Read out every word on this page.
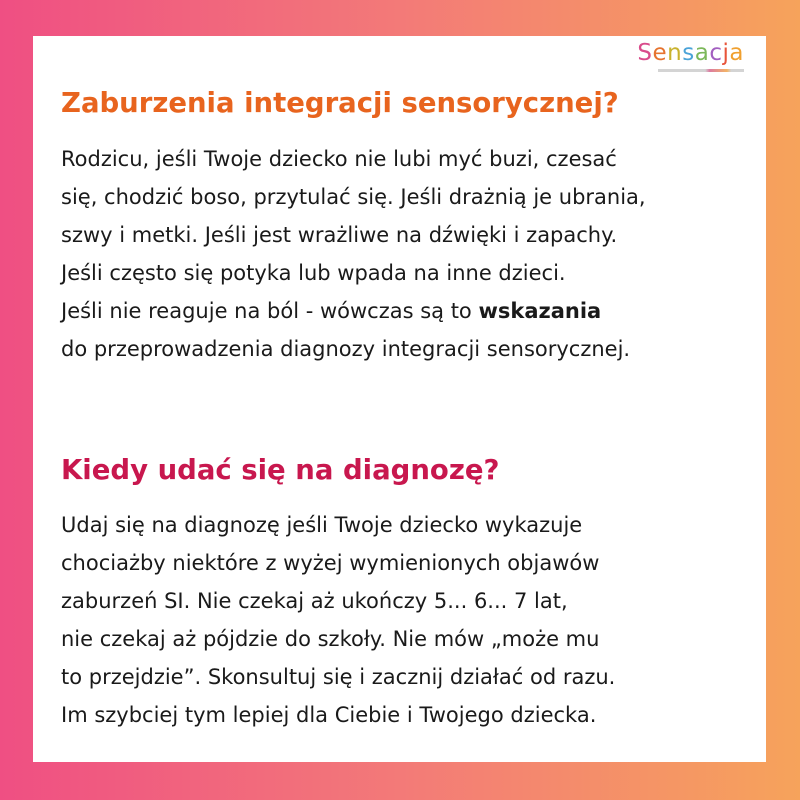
Sensacja
Zaburzenia integracji sensorycznej?

Rodzicu, jeśli Twoje dziecko nie lubi myć buzi, czesać
się, chodzić boso, przytulać się. Jeśli drażnią je ubrania,
szwy i metki. Jeśli jest wrażliwe na dźwięki i zapachy.
Jeśli często się potyka lub wpada na inne dzieci.
Jeśli nie reaguje na ból - wówczas są to wskazania
do przeprowadzenia diagnozy integracji sensorycznej.

Kiedy udać się na diagnozę?

Udaj się na diagnozę jeśli Twoje dziecko wykazuje
chociażby niektóre z wyżej wymienionych objawów
zaburzeń SI. Nie czekaj aż ukończy 5... 6... 7 lat,
nie czekaj aż pójdzie do szkoły. Nie mów „może mu
to przejdzie”. Skonsultuj się i zacznij działać od razu.
Im szybciej tym lepiej dla Ciebie i Twojego dziecka.
